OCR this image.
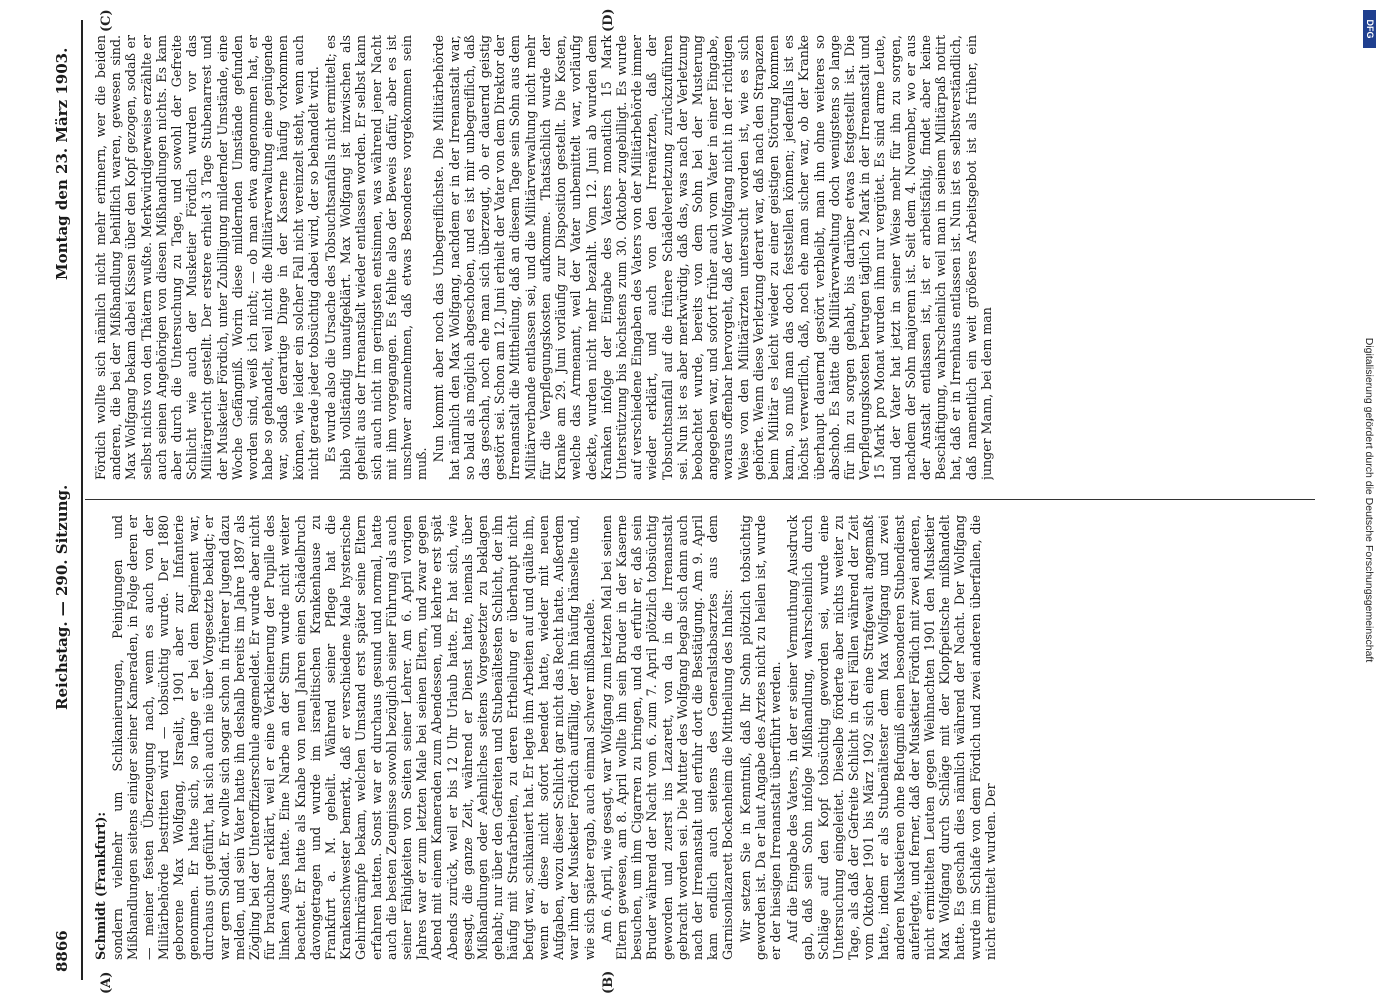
8866
Reichstag. — 290. Sitzung.
Montag den 23. März 1903.
(A)	(B)
(C)	(D)

Schmidt (Frankfurt): sondern vielmehr um Schikanierungen, Peinigungen und Mißhandlungen seitens einiger seiner Kameraden, in Folge deren er — meiner festen Überzeugung nach, wenn es auch von der Militärbehörde bestritten wird — tobsüchtig wurde. Der 1880 geborene Max Wolfgang, Israelit, 1901 aber zur Infanterie genommen. Er hatte sich, so lange er bei dem Regiment war, durchaus gut geführt, hat sich auch nie über Vorgesetzte beklagt; er war gern Soldat. Er wollte sich sogar schon in früherer Jugend dazu melden, und sein Vater hatte ihn deshalb bereits im Jahre 1897 als Zögling bei der Unteroffizierschule angemeldet. Er wurde aber nicht für brauchbar erklärt, weil er eine Verkleinerung der Pupille des linken Auges hatte. Eine Narbe an der Stirn wurde nicht weiter beachtet. Er hatte als Knabe von neun Jahren einen Schädelbruch davongetragen und wurde im israelitischen Krankenhause zu Frankfurt a. M. geheilt. Während seiner Pflege hat die Krankenschwester bemerkt, daß er verschiedene Male hysterische Gehirnkrämpfe bekam, welchen Umstand erst später seine Eltern erfahren hatten. Sonst war er durchaus gesund und normal, hatte auch die besten Zeugnisse sowohl bezüglich seiner Führung als auch seiner Fähigkeiten von Seiten seiner Lehrer. Am 6. April vorigen Jahres war er zum letzten Male bei seinen Eltern, und zwar gegen Abend mit einem Kameraden zum Abendessen, und kehrte erst spät Abends zurück, weil er bis 12 Uhr Urlaub hatte. Er hat sich, wie gesagt, die ganze Zeit, während er Dienst hatte, niemals über Mißhandlungen oder Aehnliches seitens Vorgesetzter zu beklagen gehabt; nur über den Gefreiten und Stubenältesten Schlicht, der ihn häufig mit Strafarbeiten, zu deren Ertheilung er überhaupt nicht befugt war, schikaniert hat. Er legte ihm Arbeiten auf und quälte ihn, wenn er diese nicht sofort beendet hatte, wieder mit neuen Aufgaben, wozu dieser Schlicht gar nicht das Recht hatte. Außerdem war ihm der Musketier Fördich auffällig, der ihn häufig hänselte und, wie sich später ergab, auch einmal schwer mißhandelte. Am 6. April, wie gesagt, war Wolfgang zum letzten Mal bei seinen Eltern gewesen, am 8. April wollte ihn sein Bruder in der Kaserne besuchen, um ihm Cigarren zu bringen, und da erfuhr er, daß sein Bruder während der Nacht vom 6. zum 7. April plötzlich tobsüchtig geworden und zuerst ins Lazarett, von da in die Irrenanstalt gebracht worden sei. Die Mutter des Wolfgang begab sich dann auch nach der Irrenanstalt und erfuhr dort die Bestätigung. Am 9. April kam endlich auch seitens des Generalstabsarztes aus dem Garnisonlazarett Bockenheim die Mittheilung des Inhalts: Wir setzen Sie in Kenntniß, daß Ihr Sohn plötzlich tobsüchtig geworden ist. Da er laut Angabe des Arztes nicht zu heilen ist, wurde er der hiesigen Irrenanstalt überführt werden. Auf die Eingabe des Vaters, in der er seiner Vermuthung Ausdruck gab, daß sein Sohn infolge Mißhandlung, wahrscheinlich durch Schläge auf den Kopf tobsüchtig geworden sei, wurde eine Untersuchung eingeleitet. Dieselbe förderte aber nichts weiter zu Tage, als daß der Gefreite Schlicht in drei Fällen während der Zeit vom Oktober 1901 bis März 1902 sich eine Strafgewalt angemaßt hatte, indem er als Stubenältester dem Max Wolfgang und zwei anderen Musketieren ohne Befugniß einen besonderen Stubendienst auferlegte, und ferner, daß der Musketier Fördich mit zwei anderen, nicht ermittelten Leuten gegen Weihnachten 1901 den Musketier Max Wolfgang durch Schläge mit der Klopfpeitsche mißhandelt hatte. Es geschah dies nämlich während der Nacht. Der Wolfgang wurde im Schlafe von dem Fördich und zwei anderen überfallen, die nicht ermittelt wurden. Der

Fördich wollte sich nämlich nicht mehr erinnern, wer die beiden anderen, die bei der Mißhandlung behilflich waren, gewesen sind. Max Wolfgang bekam dabei Kissen über den Kopf gezogen, sodaß er selbst nichts von den Thätern wußte. Merkwürdigerweise erzählte er auch seinen Angehörigen von diesen Mißhandlungen nichts. Es kam aber durch die Untersuchung zu Tage, und sowohl der Gefreite Schlicht wie auch der Musketier Fördich wurden vor das Militärgericht gestellt. Der erstere erhielt 3 Tage Stubenarrest und der Musketier Fördich, unter Zubilligung mildernder Umstände, eine Woche Gefängniß. Worin diese mildernden Umstände gefunden worden sind, weiß ich nicht; — ob man etwa angenommen hat, er habe so gehandelt, weil nicht die Militärverwaltung eine genügende war, sodaß derartige Dinge in der Kaserne häufig vorkommen können, wie leider ein solcher Fall nicht vereinzelt steht, wenn auch nicht gerade jeder tobsüchtig dabei wird, der so behandelt wird. Es wurde also die Ursache des Tobsuchtsanfalls nicht ermittelt; es blieb vollständig unaufgeklärt. Max Wolfgang ist inzwischen als geheilt aus der Irrenanstalt wieder entlassen worden. Er selbst kann sich auch nicht im geringsten entsinnen, was während jener Nacht mit ihm vorgegangen. Es fehlte also der Beweis dafür, aber es ist unschwer anzunehmen, daß etwas Besonderes vorgekommen sein muß.

Nun kommt aber noch das Unbegreiflichste. Die Militärbehörde hat nämlich den Max Wolfgang, nachdem er in der Irrenanstalt war, so bald als möglich abgeschoben, und es ist mir unbegreiflich, daß das geschah, noch ehe man sich überzeugt, ob er dauernd geistig gestört sei. Schon am 12. Juni erhielt der Vater von dem Direktor der Irrenanstalt die Mittheilung, daß an diesem Tage sein Sohn aus dem Militärverbande entlassen sei, und die Militärverwaltung nicht mehr für die Verpflegungskosten aufkomme. Thatsächlich wurde der Kranke am 29. Juni vorläufig zur Disposition gestellt. Die Kosten, welche das Armenamt, weil der Vater unbemittelt war, vorläufig deckte, wurden nicht mehr bezahlt. Vom 12. Juni ab wurden dem Kranken infolge der Eingabe des Vaters monatlich 15 Mark Unterstützung bis höchstens zum 30. Oktober zugebilligt. Es wurde auf verschiedene Eingaben des Vaters von der Militärbehörde immer wieder erklärt, und auch von den Irrenärzten, daß der Tobsuchtsanfall auf die frühere Schädelverletzung zurückzuführen sei. Nun ist es aber merkwürdig, daß das, was nach der Verletzung beobachtet wurde, bereits von dem Sohn bei der Musterung angegeben war, und sofort früher auch vom Vater in einer Eingabe, woraus offenbar hervorgeht, daß der Wolfgang nicht in der richtigen Weise von den Militärärzten untersucht worden ist, wie es sich gehörte. Wenn diese Verletzung derart war, daß nach den Strapazen beim Militär es leicht wieder zu einer geistigen Störung kommen kann, so muß man das doch feststellen können; jedenfalls ist es höchst verwerflich, daß, noch ehe man sicher war, ob der Kranke überhaupt dauernd gestört verbleibt, man ihn ohne weiteres so abschob. Es hätte die Militärverwaltung doch wenigstens so lange für ihn zu sorgen gehabt, bis darüber etwas festgestellt ist. Die Verpflegungskosten betrugen täglich 2 Mark in der Irrenanstalt und 15 Mark pro Monat wurden ihm nur vergütet. Es sind arme Leute, und der Vater hat jetzt in seiner Weise mehr für ihn zu sorgen, nachdem der Sohn majorenn ist. Seit dem 4. November, wo er aus der Anstalt entlassen ist, ist er arbeitsfähig, findet aber keine Beschäftigung, wahrscheinlich weil man in seinem Militärpaß notirt hat, daß er in Irrenhaus entlassen ist. Nun ist es selbstverständlich, daß namentlich ein weit größeres Arbeitsgebot ist als früher, ein junger Mann, bei dem man	Digitalisierung gefördert durch die Deutsche Forschungsgemeinschaft
DFG
